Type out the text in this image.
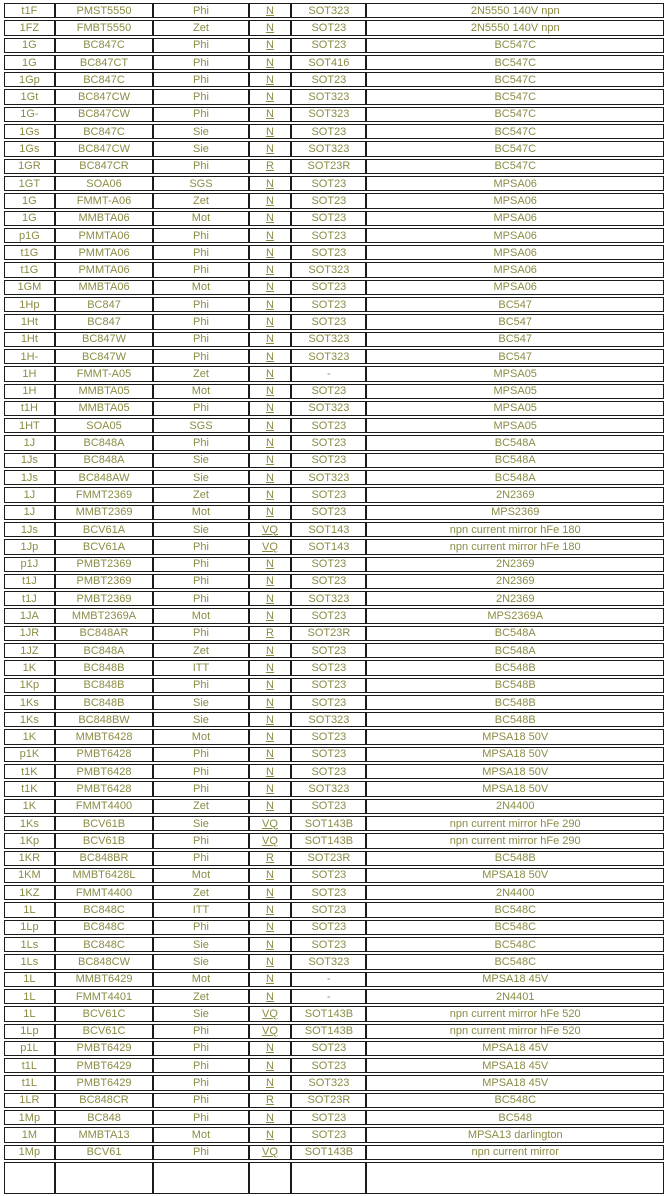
t1F	PMST5550	Phi	N	SOT323	2N5550 140V npn
1FZ	FMBT5550	Zet	N	SOT23	2N5550 140V npn
1G	BC847C	Phi	N	SOT23	BC547C
1G	BC847CT	Phi	N	SOT416	BC547C
1Gp	BC847C	Phi	N	SOT23	BC547C
1Gt	BC847CW	Phi	N	SOT323	BC547C
1G-	BC847CW	Phi	N	SOT323	BC547C
1Gs	BC847C	Sie	N	SOT23	BC547C
1Gs	BC847CW	Sie	N	SOT323	BC547C
1GR	BC847CR	Phi	R	SOT23R	BC547C
1GT	SOA06	SGS	N	SOT23	MPSA06
1G	FMMT-A06	Zet	N	SOT23	MPSA06
1G	MMBTA06	Mot	N	SOT23	MPSA06
p1G	PMMTA06	Phi	N	SOT23	MPSA06
t1G	PMMTA06	Phi	N	SOT23	MPSA06
t1G	PMMTA06	Phi	N	SOT323	MPSA06
1GM	MMBTA06	Mot	N	SOT23	MPSA06
1Hp	BC847	Phi	N	SOT23	BC547
1Ht	BC847	Phi	N	SOT23	BC547
1Ht	BC847W	Phi	N	SOT323	BC547
1H-	BC847W	Phi	N	SOT323	BC547
1H	FMMT-A05	Zet	N	-	MPSA05
1H	MMBTA05	Mot	N	SOT23	MPSA05
t1H	MMBTA05	Phi	N	SOT323	MPSA05
1HT	SOA05	SGS	N	SOT23	MPSA05
1J	BC848A	Phi	N	SOT23	BC548A
1Js	BC848A	Sie	N	SOT23	BC548A
1Js	BC848AW	Sie	N	SOT323	BC548A
1J	FMMT2369	Zet	N	SOT23	2N2369
1J	MMBT2369	Mot	N	SOT23	MPS2369
1Js	BCV61A	Sie	VQ	SOT143	npn current mirror hFe 180
1Jp	BCV61A	Phi	VQ	SOT143	npn current mirror hFe 180
p1J	PMBT2369	Phi	N	SOT23	2N2369
t1J	PMBT2369	Phi	N	SOT23	2N2369
t1J	PMBT2369	Phi	N	SOT323	2N2369
1JA	MMBT2369A	Mot	N	SOT23	MPS2369A
1JR	BC848AR	Phi	R	SOT23R	BC548A
1JZ	BC848A	Zet	N	SOT23	BC548A
1K	BC848B	ITT	N	SOT23	BC548B
1Kp	BC848B	Phi	N	SOT23	BC548B
1Ks	BC848B	Sie	N	SOT23	BC548B
1Ks	BC848BW	Sie	N	SOT323	BC548B
1K	MMBT6428	Mot	N	SOT23	MPSA18 50V
p1K	PMBT6428	Phi	N	SOT23	MPSA18 50V
t1K	PMBT6428	Phi	N	SOT23	MPSA18 50V
t1K	PMBT6428	Phi	N	SOT323	MPSA18 50V
1K	FMMT4400	Zet	N	SOT23	2N4400
1Ks	BCV61B	Sie	VQ	SOT143B	npn current mirror hFe 290
1Kp	BCV61B	Phi	VQ	SOT143B	npn current mirror hFe 290
1KR	BC848BR	Phi	R	SOT23R	BC548B
1KM	MMBT6428L	Mot	N	SOT23	MPSA18 50V
1KZ	FMMT4400	Zet	N	SOT23	2N4400
1L	BC848C	ITT	N	SOT23	BC548C
1Lp	BC848C	Phi	N	SOT23	BC548C
1Ls	BC848C	Sie	N	SOT23	BC548C
1Ls	BC848CW	Sie	N	SOT323	BC548C
1L	MMBT6429	Mot	N	-	MPSA18 45V
1L	FMMT4401	Zet	N	-	2N4401
1L	BCV61C	Sie	VQ	SOT143B	npn current mirror hFe 520
1Lp	BCV61C	Phi	VQ	SOT143B	npn current mirror hFe 520
p1L	PMBT6429	Phi	N	SOT23	MPSA18 45V
t1L	PMBT6429	Phi	N	SOT23	MPSA18 45V
t1L	PMBT6429	Phi	N	SOT323	MPSA18 45V
1LR	BC848CR	Phi	R	SOT23R	BC548C
1Mp	BC848	Phi	N	SOT23	BC548
1M	MMBTA13	Mot	N	SOT23	MPSA13 darlington
1Mp	BCV61	Phi	VQ	SOT143B	npn current mirror
